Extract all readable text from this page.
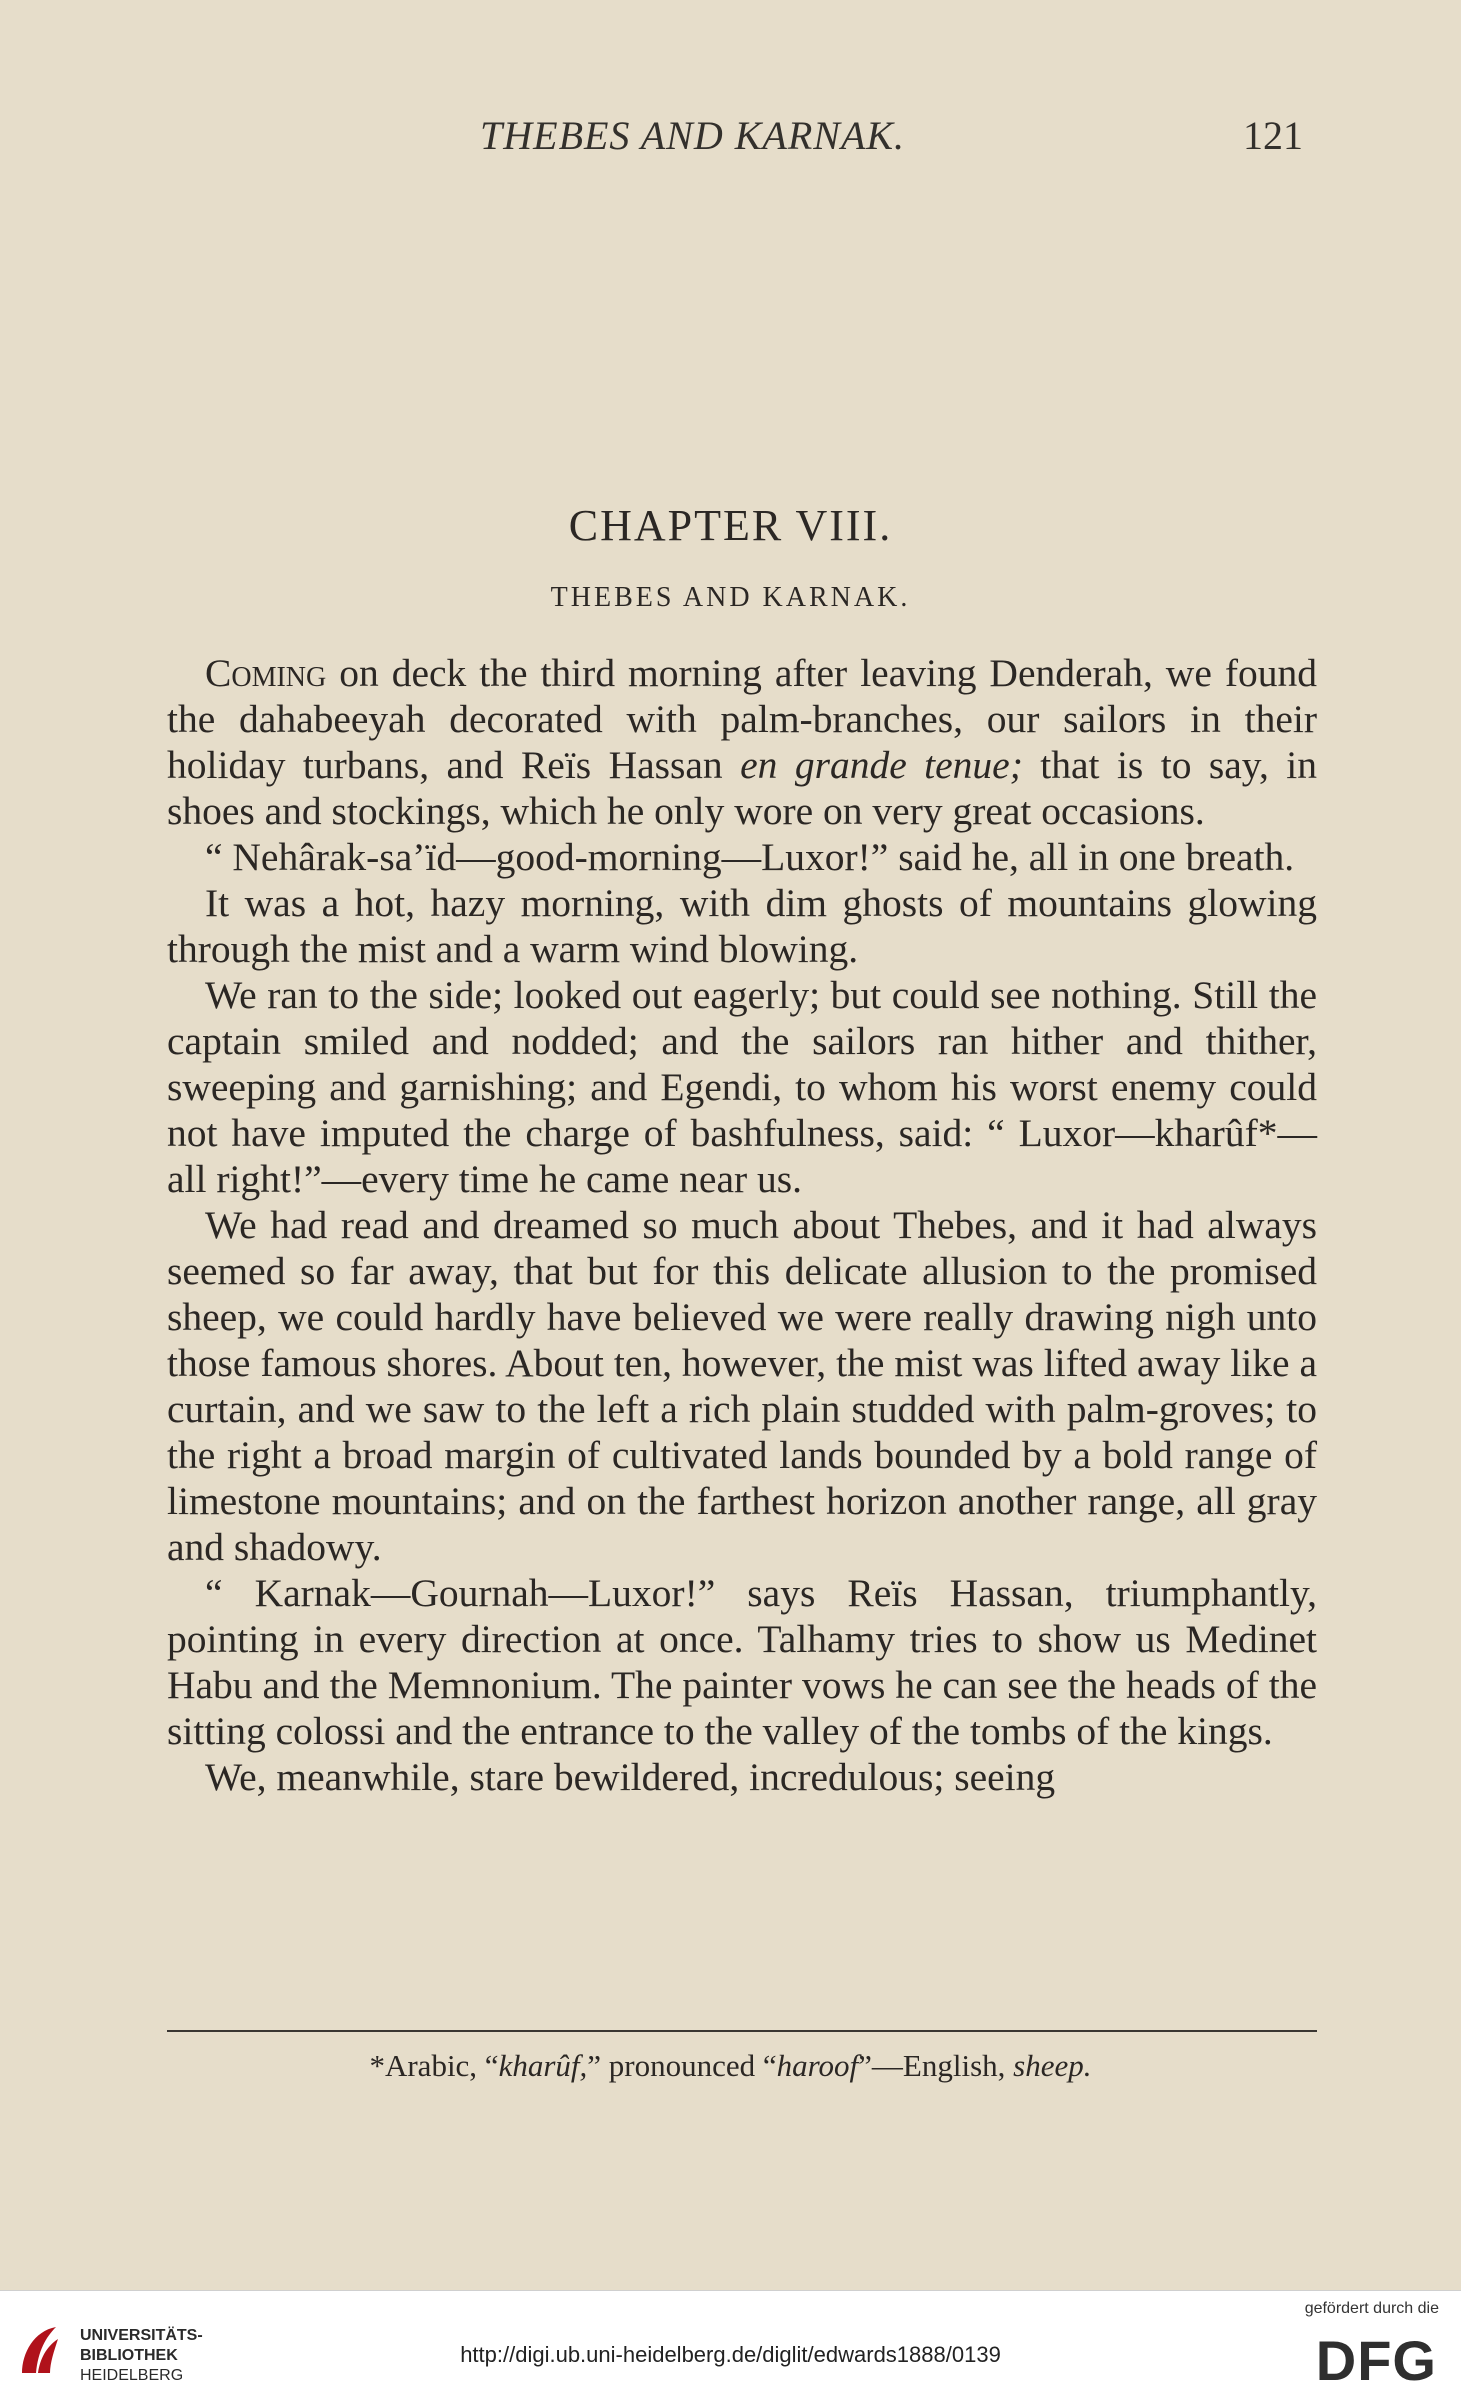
THEBES AND KARNAK.	121
CHAPTER VIII.
THEBES AND KARNAK.

Coming on deck the third morning after leaving Denderah, we found the dahabeeyah decorated with palm-branches, our sailors in their holiday turbans, and Reïs Hassan en grande tenue; that is to say, in shoes and stockings, which he only wore on very great occasions.

“ Nehârak-sa’ïd—good-morning—Luxor!” said he, all in one breath.

It was a hot, hazy morning, with dim ghosts of mountains glowing through the mist and a warm wind blowing.

We ran to the side; looked out eagerly; but could see nothing. Still the captain smiled and nodded; and the sailors ran hither and thither, sweeping and garnishing; and Egendi, to whom his worst enemy could not have imputed the charge of bashfulness, said: “ Luxor—kharûf*—all right!”—every time he came near us.

We had read and dreamed so much about Thebes, and it had always seemed so far away, that but for this delicate allusion to the promised sheep, we could hardly have believed we were really drawing nigh unto those famous shores. About ten, however, the mist was lifted away like a curtain, and we saw to the left a rich plain studded with palm-groves; to the right a broad margin of cultivated lands bounded by a bold range of limestone mountains; and on the farthest horizon another range, all gray and shadowy.

“ Karnak—Gournah—Luxor!” says Reïs Hassan, triumphantly, pointing in every direction at once. Talhamy tries to show us Medinet Habu and the Memnonium. The painter vows he can see the heads of the sitting colossi and the entrance to the valley of the tombs of the kings.

We, meanwhile, stare bewildered, incredulous; seeing

*Arabic, “kharûf,” pronounced “haroof”—English, sheep.
UNIVERSITÄTS-
BIBLIOTHEK
HEIDELBERG
http://digi.ub.uni-heidelberg.de/diglit/edwards1888/0139
gefördert durch die
DFG
